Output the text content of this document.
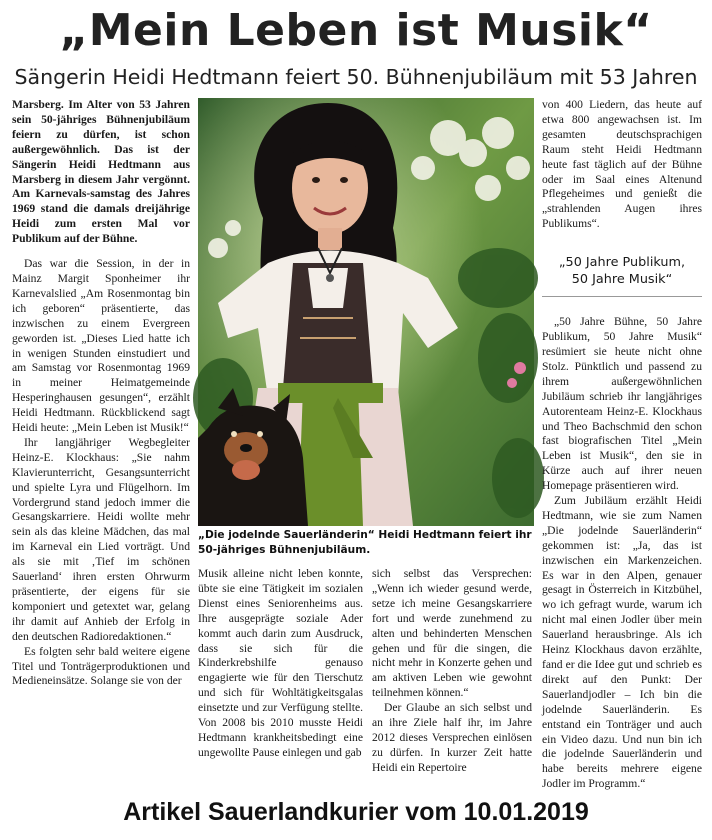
„Mein Leben ist Musik“
Sängerin Heidi Hedtmann feiert 50. Bühnenjubiläum mit 53 Jahren

Marsberg. Im Alter von 53 Jahren sein 50-jähriges Bühnenjubiläum feiern zu dürfen, ist schon außergewöhnlich. Das ist der Sängerin Heidi Hedtmann aus Marsberg in diesem Jahr vergönnt. Am Karnevals-samstag des Jahres 1969 stand die damals dreijährige Heidi zum ersten Mal vor Publikum auf der Bühne.

Das war die Session, in der in Mainz Margit Sponheimer ihr Karnevalslied „Am Rosenmontag bin ich geboren“ präsentierte, das inzwischen zu einem Evergreen geworden ist. „Dieses Lied hatte ich in wenigen Stunden einstudiert und am Samstag vor Rosenmontag 1969 in meiner Heimatgemeinde Hesperinghausen gesungen“, erzählt Heidi Hedtmann. Rückblickend sagt Heidi heute: „Mein Leben ist Musik!“

Ihr langjähriger Wegbegleiter Heinz-E. Klockhaus: „Sie nahm Klavierunterricht, Gesangsunterricht und spielte Lyra und Flügelhorn. Im Vordergrund stand jedoch immer die Gesangskarriere. Heidi wollte mehr sein als das kleine Mädchen, das mal im Karneval ein Lied vorträgt. Und als sie mit ‚Tief im schönen Sauerland‘ ihren ersten Ohrwurm präsentierte, der eigens für sie komponiert und getextet war, gelang ihr damit auf Anhieb der Erfolg in den deutschen Radioredaktionen.“

Es folgten sehr bald weitere eigene Titel und Tonträgerproduktionen und Medieneinsätze. Solange sie von der

„Die jodelnde Sauerländerin“ Heidi Hedtmann feiert ihr 50-jähriges Bühnenjubiläum.

Musik alleine nicht leben konnte, übte sie eine Tätigkeit im sozialen Dienst eines Seniorenheims aus. Ihre ausgeprägte soziale Ader kommt auch darin zum Ausdruck, dass sie sich für die Kinderkrebshilfe genauso engagierte wie für den Tierschutz und sich für Wohltätigkeitsgalas einsetzte und zur Verfügung stellte. Von 2008 bis 2010 musste Heidi Hedtmann krankheitsbedingt eine ungewollte Pause einlegen und gab

sich selbst das Versprechen: „Wenn ich wieder gesund werde, setze ich meine Gesangskarriere fort und werde zunehmend zu alten und behinderten Menschen gehen und für die singen, die nicht mehr in Konzerte gehen und am aktiven Leben wie gewohnt teilnehmen können.“

Der Glaube an sich selbst und an ihre Ziele half ihr, im Jahre 2012 dieses Versprechen einlösen zu dürfen. In kurzer Zeit hatte Heidi ein Repertoire

von 400 Liedern, das heute auf etwa 800 angewachsen ist. Im gesamten deutschsprachigen Raum steht Heidi Hedtmann heute fast täglich auf der Bühne oder im Saal eines Altenund Pflegeheimes und genießt die „strahlenden Augen ihres Publikums“.

„50 Jahre Publikum,
50 Jahre Musik“

„50 Jahre Bühne, 50 Jahre Publikum, 50 Jahre Musik“ resümiert sie heute nicht ohne Stolz. Pünktlich und passend zu ihrem außergewöhnlichen Jubiläum schrieb ihr langjähriges Autorenteam Heinz-E. Klockhaus und Theo Bachschmid den schon fast biografischen Titel „Mein Leben ist Musik“, den sie in Kürze auch auf ihrer neuen Homepage präsentieren wird.

Zum Jubiläum erzählt Heidi Hedtmann, wie sie zum Namen „Die jodelnde Sauerländerin“ gekommen ist: „Ja, das ist inzwischen ein Markenzeichen. Es war in den Alpen, genauer gesagt in Österreich in Kitzbühel, wo ich gefragt wurde, warum ich nicht mal einen Jodler über mein Sauerland herausbringe. Als ich Heinz Klockhaus davon erzählte, fand er die Idee gut und schrieb es direkt auf den Punkt: Der Sauerlandjodler – Ich bin die jodelnde Sauerländerin. Es entstand ein Tonträger und auch ein Video dazu. Und nun bin ich die jodelnde Sauerländerin und habe bereits mehrere eigene Jodler im Programm.“

Artikel Sauerlandkurier vom 10.01.2019
